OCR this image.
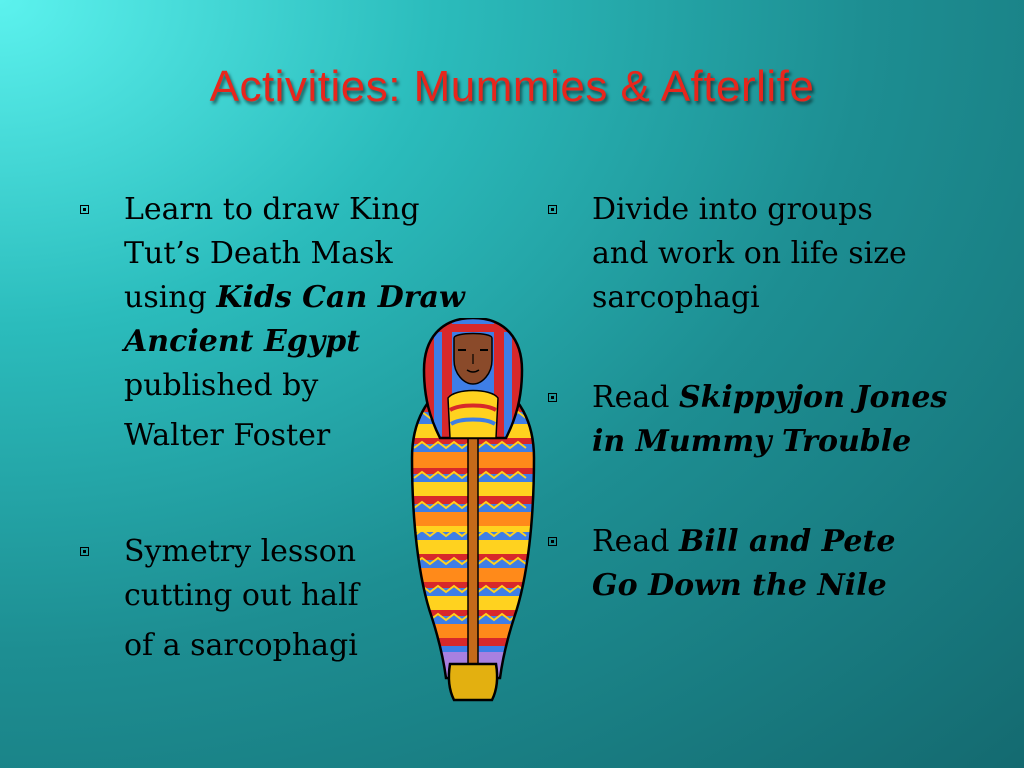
Activities: Mummies & Afterlife
Learn to draw King
Tut’s Death Mask
using Kids Can Draw
Ancient Egypt
published by
Walter Foster
Symetry lesson
cutting out half
of a sarcophagi
Divide into groups
and work on life size
sarcophagi
Read Skippyjon Jones
in Mummy Trouble
Read Bill and Pete
Go Down the Nile
